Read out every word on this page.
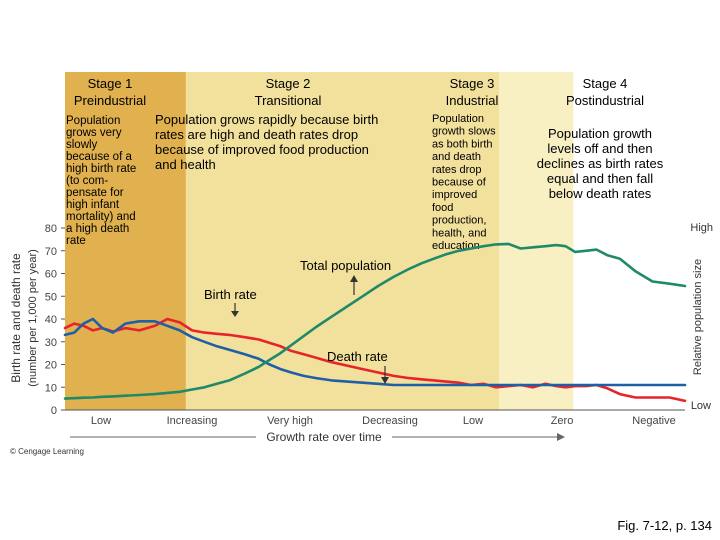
Stage 1
Preindustrial
Population
grows very
slowly
because of a
high birth rate
(to com-
pensate for
high infant
mortality) and
a high death
rate
Stage 2
Transitional
Population grows rapidly because birth
rates are high and death rates drop
because of improved food production
and health
Stage 3
Industrial
Population
growth slows
as both birth
and death
rates drop
because of
improved
food
production,
health, and
education
Stage 4
Postindustrial
Population growth
levels off and then
declines as birth rates
equal and then fall
below death rates
0
10
20
30
40
50
60
70
80
Birth rate and death rate (number per 1,000 per year)	Relative population size
High
Low
Low	Increasing	Very high	Decreasing	Low	Zero	Negative
Growth rate over time
Birth rate
Total population
Death rate
© Cengage Learning
Fig. 7-12, p. 134
